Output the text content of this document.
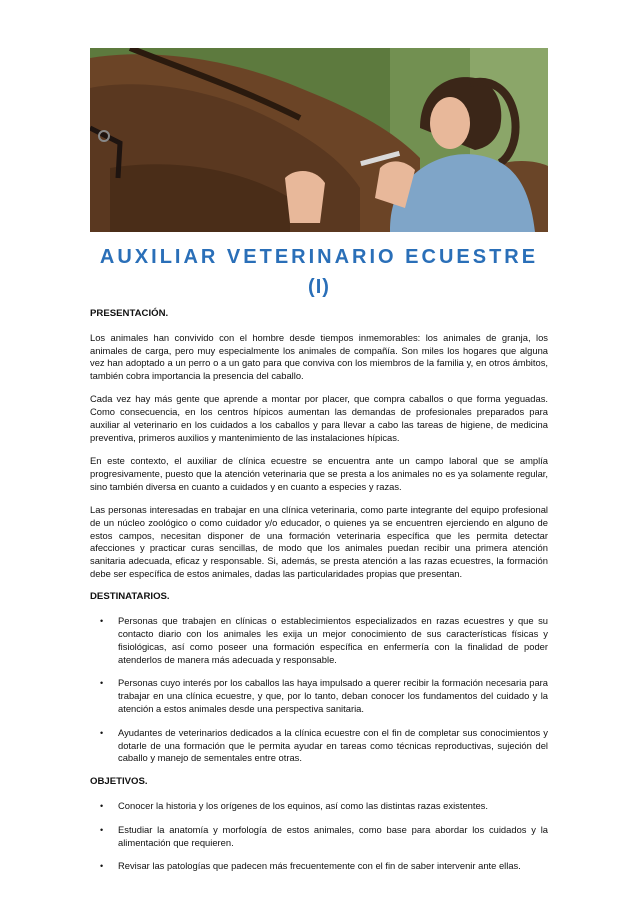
AUXILIAR VETERINARIO ECUESTRE
(I)
PRESENTACIÓN.

Los animales han convivido con el hombre desde tiempos inmemorables: los animales de granja, los animales de carga, pero muy especialmente los animales de compañía. Son miles los hogares que alguna vez han adoptado a un perro o a un gato para que conviva con los miembros de la familia y, en otros ámbitos, también cobra importancia la presencia del caballo.

Cada vez hay más gente que aprende a montar por placer, que compra caballos o que forma yeguadas. Como consecuencia, en los centros hípicos aumentan las demandas de profesionales preparados para auxiliar al veterinario en los cuidados a los caballos y para llevar a cabo las tareas de higiene, de medicina preventiva, primeros auxilios y mantenimiento de las instalaciones hípicas.

En este contexto, el auxiliar de clínica ecuestre se encuentra ante un campo laboral que se amplía progresivamente, puesto que la atención veterinaria que se presta a los animales no es ya solamente regular, sino también diversa en cuanto a cuidados y en cuanto a especies y razas.

Las personas interesadas en trabajar en una clínica veterinaria, como parte integrante del equipo profesional de un núcleo zoológico o como cuidador y/o educador, o quienes ya se encuentren ejerciendo en alguno de estos campos, necesitan disponer de una formación veterinaria específica que les permita detectar afecciones y practicar curas sencillas, de modo que los animales puedan recibir una primera atención sanitaria adecuada, eficaz y responsable. Si, además, se presta atención a las razas ecuestres, la formación debe ser específica de estos animales, dadas las particularidades propias que presentan.

DESTINATARIOS.
• Personas que trabajen en clínicas o establecimientos especializados en razas ecuestres y que su contacto diario con los animales les exija un mejor conocimiento de sus características físicas y fisiológicas, así como poseer una formación específica en enfermería con la finalidad de poder atenderlos de manera más adecuada y responsable.
• Personas cuyo interés por los caballos las haya impulsado a querer recibir la formación necesaria para trabajar en una clínica ecuestre, y que, por lo tanto, deban conocer los fundamentos del cuidado y la atención a estos animales desde una perspectiva sanitaria.
• Ayudantes de veterinarios dedicados a la clínica ecuestre con el fin de completar sus conocimientos y dotarle de una formación que le permita ayudar en tareas como técnicas reproductivas, sujeción del caballo y manejo de sementales entre otras.
OBJETIVOS.
• Conocer la historia y los orígenes de los equinos, así como las distintas razas existentes.
• Estudiar la anatomía y morfología de estos animales, como base para abordar los cuidados y la alimentación que requieren.
• Revisar las patologías que padecen más frecuentemente con el fin de saber intervenir ante ellas.
